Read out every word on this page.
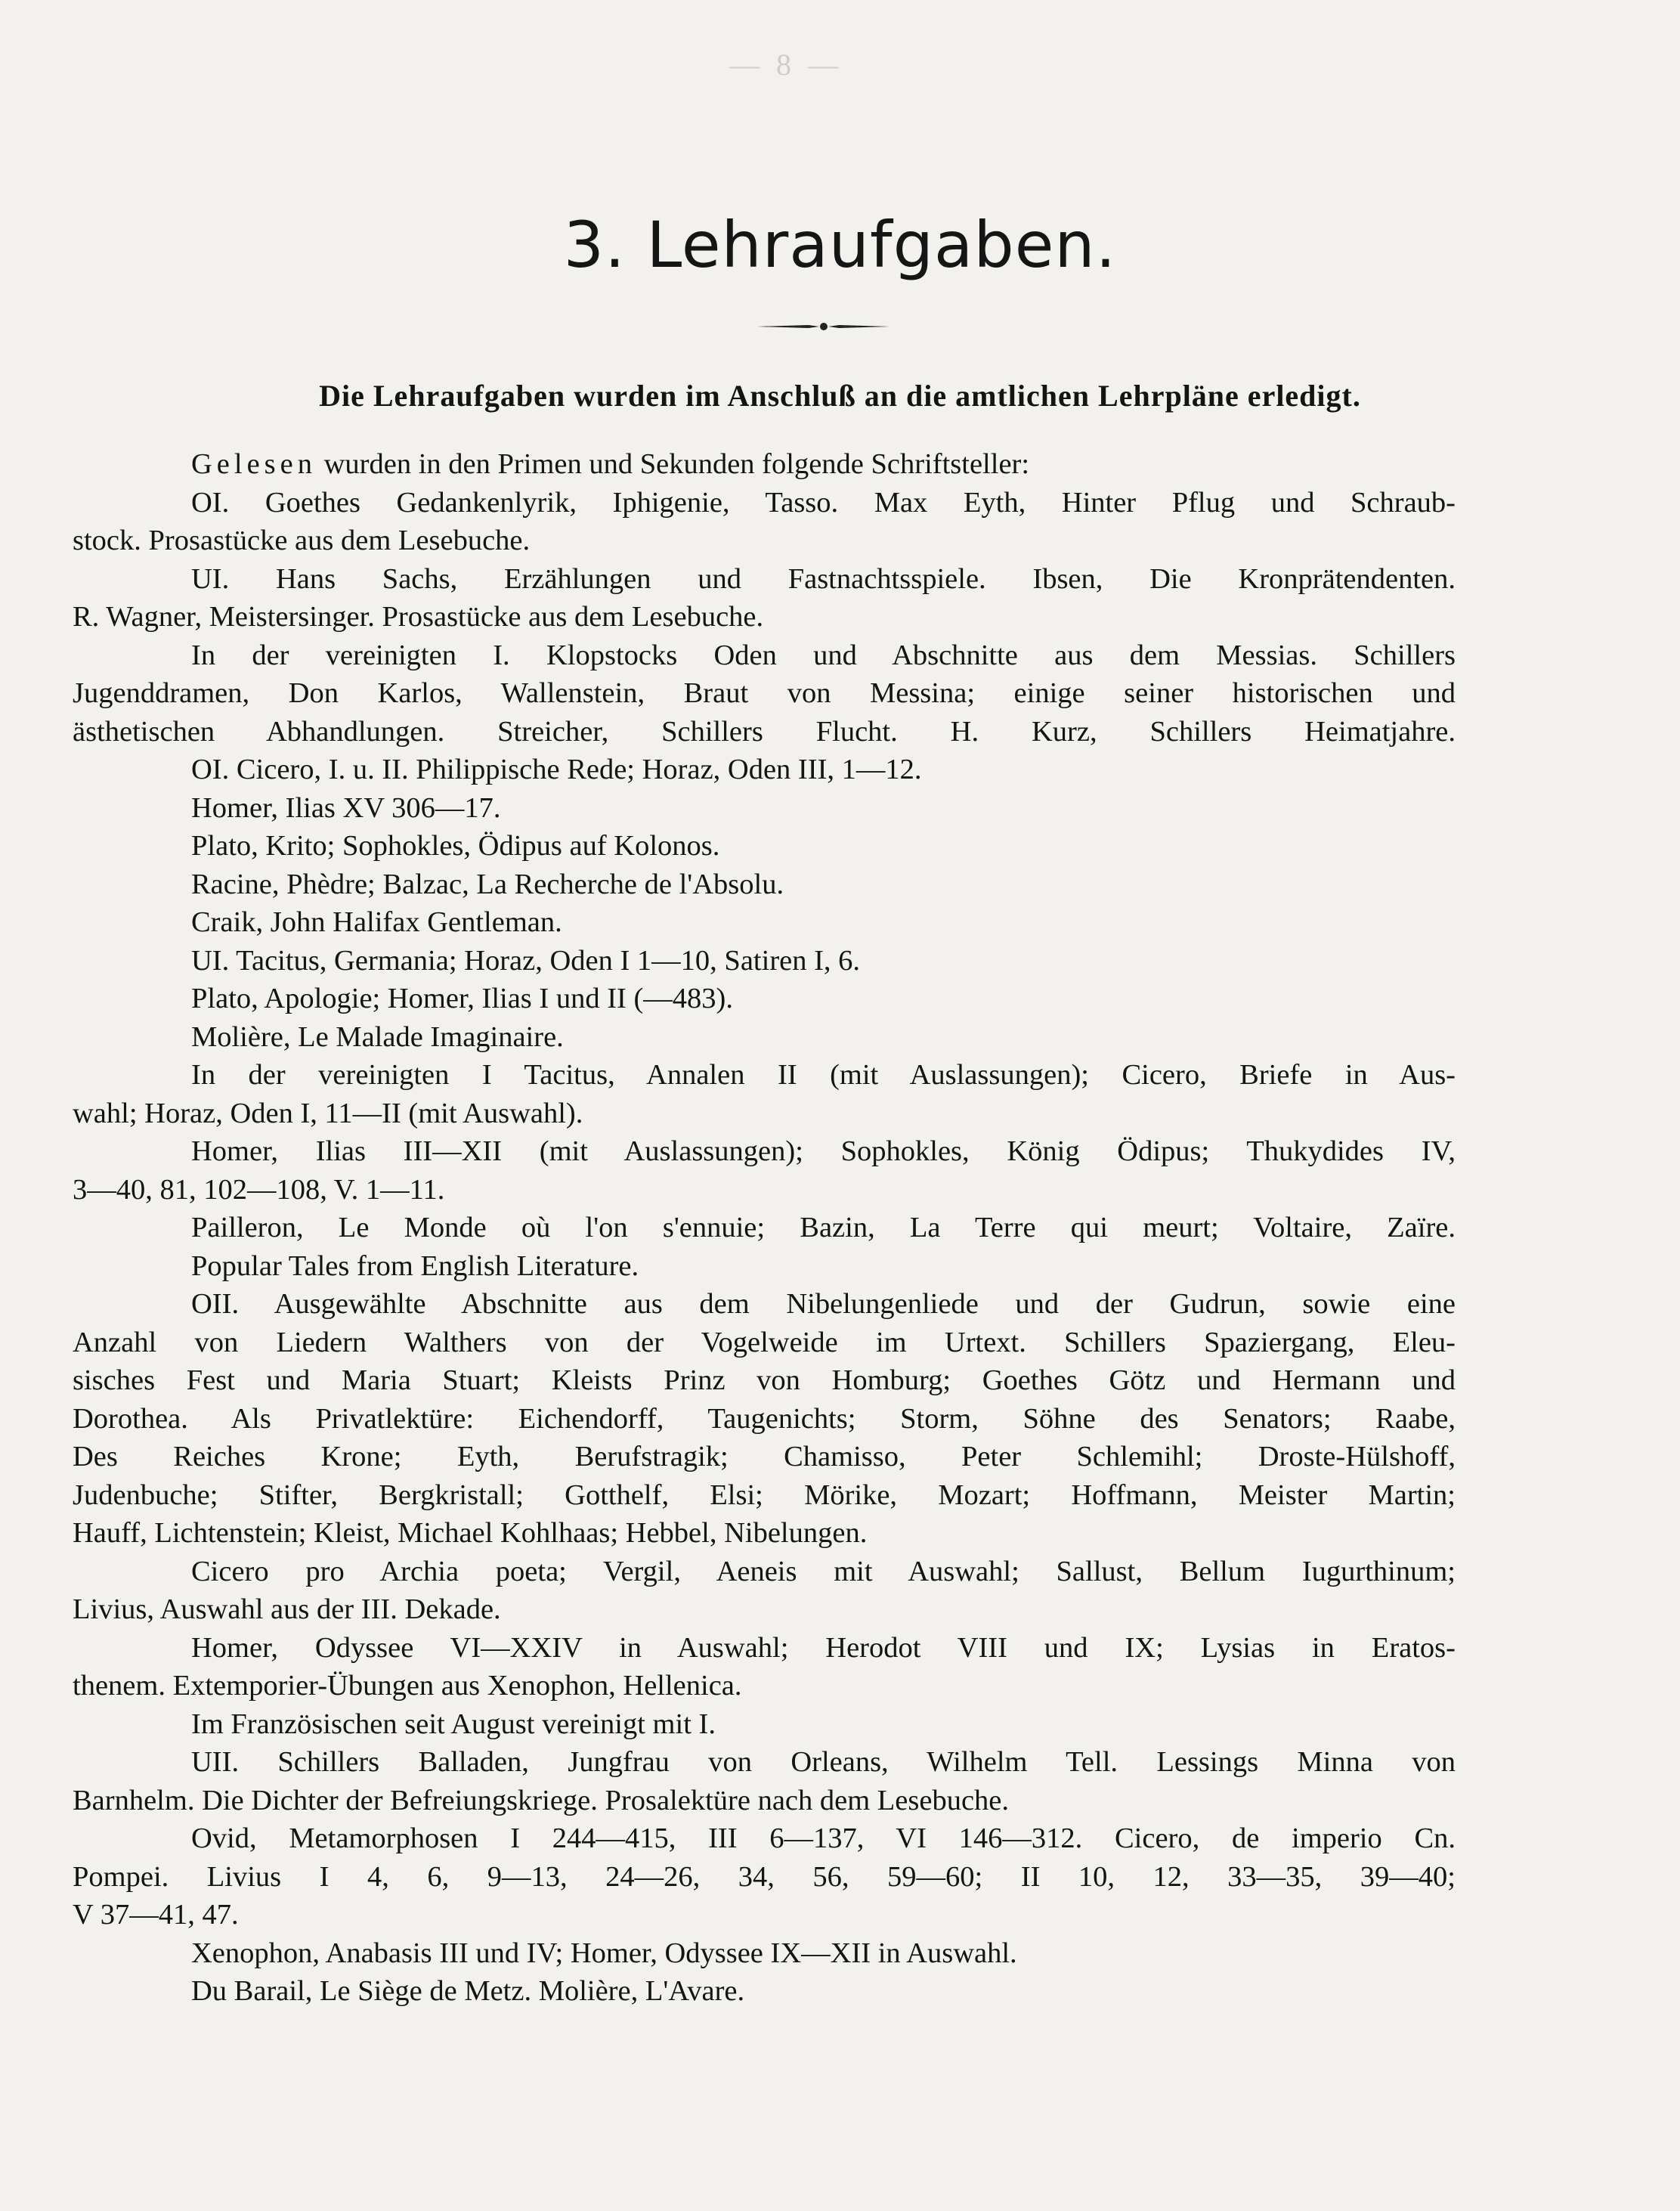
— 8 —
3. Lehraufgaben.
Die Lehraufgaben wurden im Anschluß an die amtlichen Lehrpläne erledigt.
Gelesen wurden in den Primen und Sekunden folgende Schriftsteller:
OI. Goethes Gedankenlyrik, Iphigenie, Tasso. Max Eyth, Hinter Pflug und Schraub-
stock. Prosastücke aus dem Lesebuche.
UI. Hans Sachs, Erzählungen und Fastnachtsspiele. Ibsen, Die Kronprätendenten.
R. Wagner, Meistersinger. Prosastücke aus dem Lesebuche.
In der vereinigten I. Klopstocks Oden und Abschnitte aus dem Messias. Schillers
Jugenddramen, Don Karlos, Wallenstein, Braut von Messina; einige seiner historischen und
ästhetischen Abhandlungen. Streicher, Schillers Flucht. H. Kurz, Schillers Heimatjahre.
OI. Cicero, I. u. II. Philippische Rede; Horaz, Oden III, 1—12.
Homer, Ilias XV 306—17.
Plato, Krito; Sophokles, Ödipus auf Kolonos.
Racine, Phèdre; Balzac, La Recherche de l'Absolu.
Craik, John Halifax Gentleman.
UI. Tacitus, Germania; Horaz, Oden I 1—10, Satiren I, 6.
Plato, Apologie; Homer, Ilias I und II (—483).
Molière, Le Malade Imaginaire.
In der vereinigten I Tacitus, Annalen II (mit Auslassungen); Cicero, Briefe in Aus-
wahl; Horaz, Oden I, 11—II (mit Auswahl).
Homer, Ilias III—XII (mit Auslassungen); Sophokles, König Ödipus; Thukydides IV,
3—40, 81, 102—108, V. 1—11.
Pailleron, Le Monde où l'on s'ennuie; Bazin, La Terre qui meurt; Voltaire, Zaïre.
Popular Tales from English Literature.
OII. Ausgewählte Abschnitte aus dem Nibelungenliede und der Gudrun, sowie eine
Anzahl von Liedern Walthers von der Vogelweide im Urtext. Schillers Spaziergang, Eleu-
sisches Fest und Maria Stuart; Kleists Prinz von Homburg; Goethes Götz und Hermann und
Dorothea. Als Privatlektüre: Eichendorff, Taugenichts; Storm, Söhne des Senators; Raabe,
Des Reiches Krone; Eyth, Berufstragik; Chamisso, Peter Schlemihl; Droste-Hülshoff,
Judenbuche; Stifter, Bergkristall; Gotthelf, Elsi; Mörike, Mozart; Hoffmann, Meister Martin;
Hauff, Lichtenstein; Kleist, Michael Kohlhaas; Hebbel, Nibelungen.
Cicero pro Archia poeta; Vergil, Aeneis mit Auswahl; Sallust, Bellum Iugurthinum;
Livius, Auswahl aus der III. Dekade.
Homer, Odyssee VI—XXIV in Auswahl; Herodot VIII und IX; Lysias in Eratos-
thenem. Extemporier-Übungen aus Xenophon, Hellenica.
Im Französischen seit August vereinigt mit I.
UII. Schillers Balladen, Jungfrau von Orleans, Wilhelm Tell. Lessings Minna von
Barnhelm. Die Dichter der Befreiungskriege. Prosalektüre nach dem Lesebuche.
Ovid, Metamorphosen I 244—415, III 6—137, VI 146—312. Cicero, de imperio Cn.
Pompei. Livius I 4, 6, 9—13, 24—26, 34, 56, 59—60; II 10, 12, 33—35, 39—40;
V 37—41, 47.
Xenophon, Anabasis III und IV; Homer, Odyssee IX—XII in Auswahl.
Du Barail, Le Siège de Metz. Molière, L'Avare.
